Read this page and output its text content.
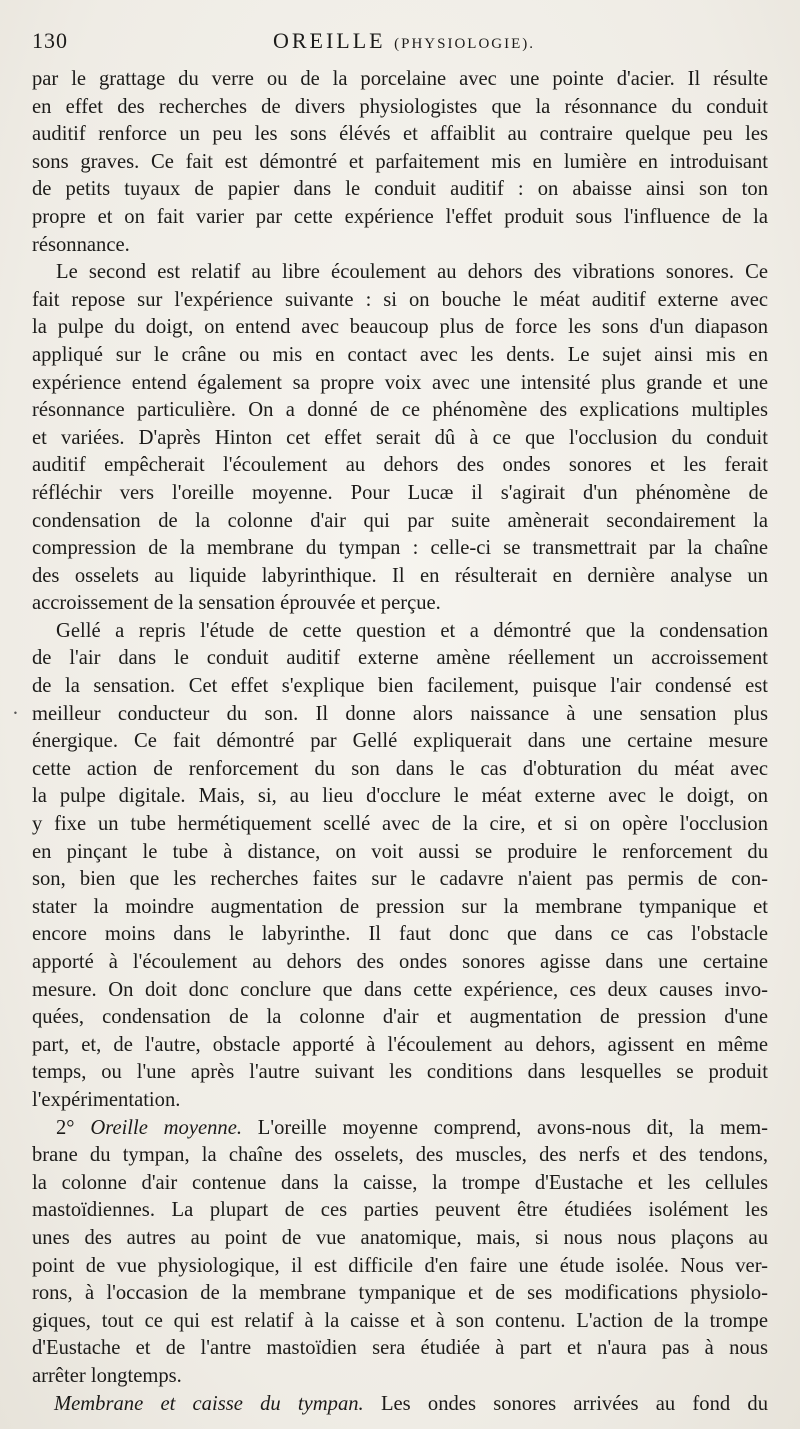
130	OREILLE (PHYSIOLOGIE).
par le grattage du verre ou de la porcelaine avec une pointe d'acier. Il résulte
en effet des recherches de divers physiologistes que la résonnance du conduit
auditif renforce un peu les sons élévés et affaiblit au contraire quelque peu les
sons graves. Ce fait est démontré et parfaitement mis en lumière en introduisant
de petits tuyaux de papier dans le conduit auditif : on abaisse ainsi son ton
propre et on fait varier par cette expérience l'effet produit sous l'influence de la
résonnance.
Le second est relatif au libre écoulement au dehors des vibrations sonores. Ce
fait repose sur l'expérience suivante : si on bouche le méat auditif externe avec
la pulpe du doigt, on entend avec beaucoup plus de force les sons d'un diapason
appliqué sur le crâne ou mis en contact avec les dents. Le sujet ainsi mis en
expérience entend également sa propre voix avec une intensité plus grande et une
résonnance particulière. On a donné de ce phénomène des explications multiples
et variées. D'après Hinton cet effet serait dû à ce que l'occlusion du conduit
auditif empêcherait l'écoulement au dehors des ondes sonores et les ferait
réfléchir vers l'oreille moyenne. Pour Lucæ il s'agirait d'un phénomène de
condensation de la colonne d'air qui par suite amènerait secondairement la
compression de la membrane du tympan : celle-ci se transmettrait par la chaîne
des osselets au liquide labyrinthique. Il en résulterait en dernière analyse un
accroissement de la sensation éprouvée et perçue.
Gellé a repris l'étude de cette question et a démontré que la condensation
de l'air dans le conduit auditif externe amène réellement un accroissement
de la sensation. Cet effet s'explique bien facilement, puisque l'air condensé est
· meilleur conducteur du son. Il donne alors naissance à une sensation plus
énergique. Ce fait démontré par Gellé expliquerait dans une certaine mesure
cette action de renforcement du son dans le cas d'obturation du méat avec
la pulpe digitale. Mais, si, au lieu d'occlure le méat externe avec le doigt, on
y fixe un tube hermétiquement scellé avec de la cire, et si on opère l'occlusion
en pinçant le tube à distance, on voit aussi se produire le renforcement du
son, bien que les recherches faites sur le cadavre n'aient pas permis de con-
stater la moindre augmentation de pression sur la membrane tympanique et
encore moins dans le labyrinthe. Il faut donc que dans ce cas l'obstacle
apporté à l'écoulement au dehors des ondes sonores agisse dans une certaine
mesure. On doit donc conclure que dans cette expérience, ces deux causes invo-
quées, condensation de la colonne d'air et augmentation de pression d'une
part, et, de l'autre, obstacle apporté à l'écoulement au dehors, agissent en même
temps, ou l'une après l'autre suivant les conditions dans lesquelles se produit
l'expérimentation.
2° Oreille moyenne. L'oreille moyenne comprend, avons-nous dit, la mem-
brane du tympan, la chaîne des osselets, des muscles, des nerfs et des tendons,
la colonne d'air contenue dans la caisse, la trompe d'Eustache et les cellules
mastoïdiennes. La plupart de ces parties peuvent être étudiées isolément les
unes des autres au point de vue anatomique, mais, si nous nous plaçons au
point de vue physiologique, il est difficile d'en faire une étude isolée. Nous ver-
rons, à l'occasion de la membrane tympanique et de ses modifications physiolo-
giques, tout ce qui est relatif à la caisse et à son contenu. L'action de la trompe
d'Eustache et de l'antre mastoïdien sera étudiée à part et n'aura pas à nous
arrêter longtemps.
Membrane et caisse du tympan. Les ondes sonores arrivées au fond du
